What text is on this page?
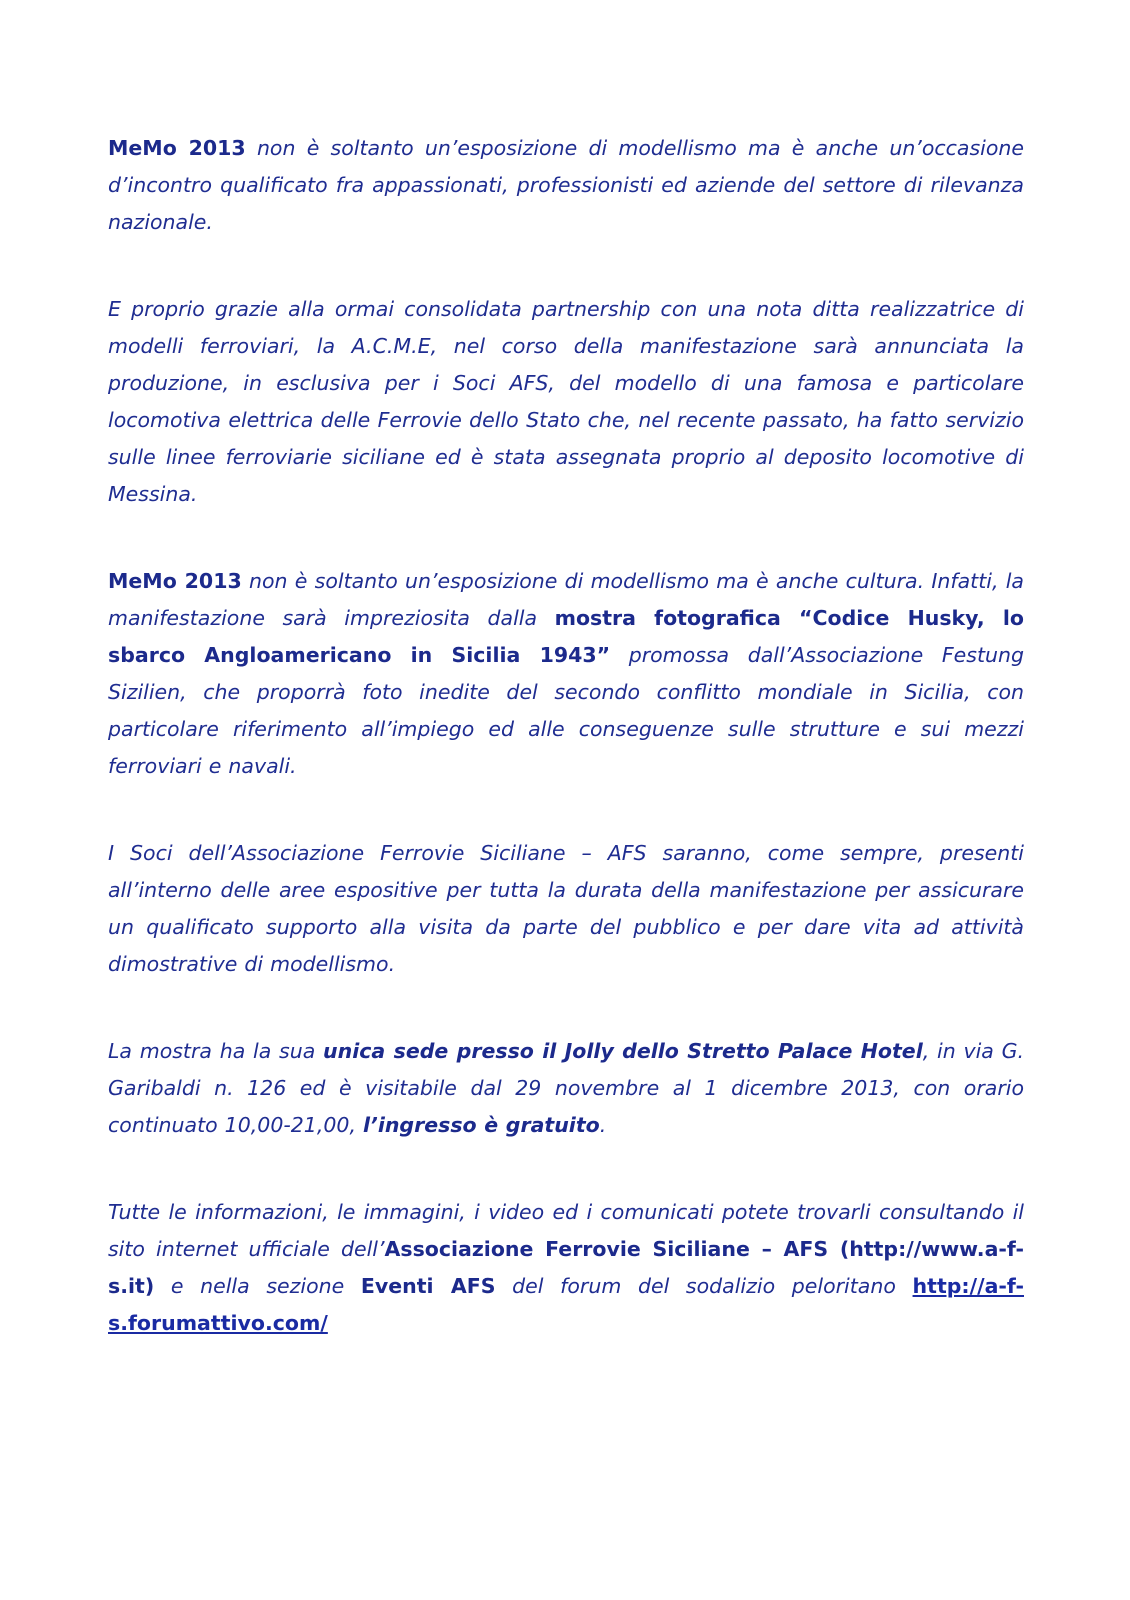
MeMo 2013 non è soltanto un’esposizione di modellismo ma è anche un’occasione d’incontro qualificato fra appassionati, professionisti ed aziende del settore di rilevanza nazionale.

E proprio grazie alla ormai consolidata partnership con una nota ditta realizzatrice di modelli ferroviari, la A.C.M.E, nel corso della manifestazione sarà annunciata la produzione, in esclusiva per i Soci AFS, del modello di una famosa e particolare locomotiva elettrica delle Ferrovie dello Stato che, nel recente passato, ha fatto servizio sulle linee ferroviarie siciliane ed è stata assegnata proprio al deposito locomotive di Messina.

MeMo 2013 non è soltanto un’esposizione di modellismo ma è anche cultura. Infatti, la manifestazione sarà impreziosita dalla mostra fotografica “Codice Husky, lo sbarco Angloamericano in Sicilia 1943” promossa dall’Associazione Festung Sizilien, che proporrà foto inedite del secondo conflitto mondiale in Sicilia, con particolare riferimento all’impiego ed alle conseguenze sulle strutture e sui mezzi ferroviari e navali.

I Soci dell’Associazione Ferrovie Siciliane – AFS saranno, come sempre, presenti all’interno delle aree espositive per tutta la durata della manifestazione per assicurare un qualificato supporto alla visita da parte del pubblico e per dare vita ad attività dimostrative di modellismo.

La mostra ha la sua unica sede presso il Jolly dello Stretto Palace Hotel, in via G. Garibaldi n. 126 ed è visitabile dal 29 novembre al 1 dicembre 2013, con orario continuato 10,00-21,00, l’ingresso è gratuito.

Tutte le informazioni, le immagini, i video ed i comunicati potete trovarli consultando il sito internet ufficiale dell’Associazione Ferrovie Siciliane – AFS (http://www.a-f-s.it) e nella sezione Eventi AFS del forum del sodalizio peloritano http://a-f-s.forumattivo.com/
